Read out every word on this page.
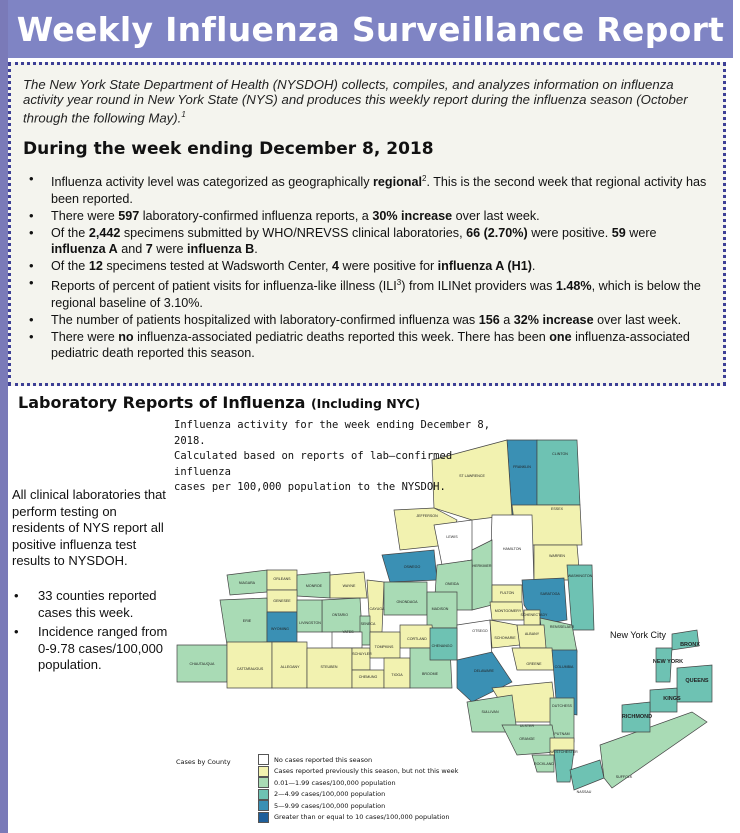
Weekly Influenza Surveillance Report
The New York State Department of Health (NYSDOH) collects, compiles, and analyzes information on influenza activity year round in New York State (NYS) and produces this weekly report during the influenza season (October through the following May).$^1$
During the week ending December 8, 2018
• Influenza activity level was categorized as geographically regional$^2$. This is the second week that regional activity has been reported.
• There were 597 laboratory-confirmed influenza reports, a 30% increase over last week.
• Of the 2,442 specimens submitted by WHO/NREVSS clinical laboratories, 66 (2.70%) were positive. 59 were influenza A and 7 were influenza B.
• Of the 12 specimens tested at Wadsworth Center, 4 were positive for influenza A (H1).
• Reports of percent of patient visits for influenza-like illness (ILI$^3$) from ILINet providers was 1.48%, which is below the regional baseline of 3.10%.
• The number of patients hospitalized with laboratory-confirmed influenza was 156 a 32% increase over last week.
• There were no influenza-associated pediatric deaths reported this week. There has been one influenza-associated pediatric death reported this season.
Laboratory Reports of Influenza (Including NYC)
All clinical laboratories that perform testing on residents of NYS report all positive influenza test results to NYSDOH.
• 33 counties reported cases this week.
• Incidence ranged from 0-9.78 cases/100,000 population.
FRANKLIN
CLINTON
ST LAWRENCE
ESSEX
JEFFERSON
LEWIS
HAMILTON
WARREN
WASHINGTON
OSWEGO	HERKIMER
ONEIDA
FULTON	SARATOGA
NIAGARA
ORLEANS
MONROE	WAYNE
GENESEE
ONTARIO
CAYUGA
ONONDAGA
MADISON	MONTGOMERY
SCHENECTADY
RENSSELAER
ERIE
WYOMING
LIVINGSTON	SENECA
YATES
CORTLAND
OTSEGO
SCHOHARIE
ALBANY
CHAUTAUQUA
CATTARAUGUS	ALLEGANY	STEUBEN
SCHUYLER
TOMPKINS
CHEMUNG	TIOGA	BROOME
CHENANGO
DELAWARE
GREENE
COLUMBIA
ULSTER
SULLIVAN
DUTCHESS
ORANGE
PUTNAM
WESTCHESTER
ROCKLAND
NASSAU
SUFFOLK
BRONX
NEW YORK
QUEENS
KINGS
RICHMOND
New York City
Influenza activity for the week ending December 8, 2018.
Calculated based on reports of lab—confirmed influenza
cases per 100,000 population to the NYSDOH.
Cases by County	No cases reported this season
Cases reported previously this season, but not this week
0.01—1.99 cases/100,000 population
2—4.99 cases/100,000 population
5—9.99 cases/100,000 population
Greater than or equal to 10 cases/100,000 population
